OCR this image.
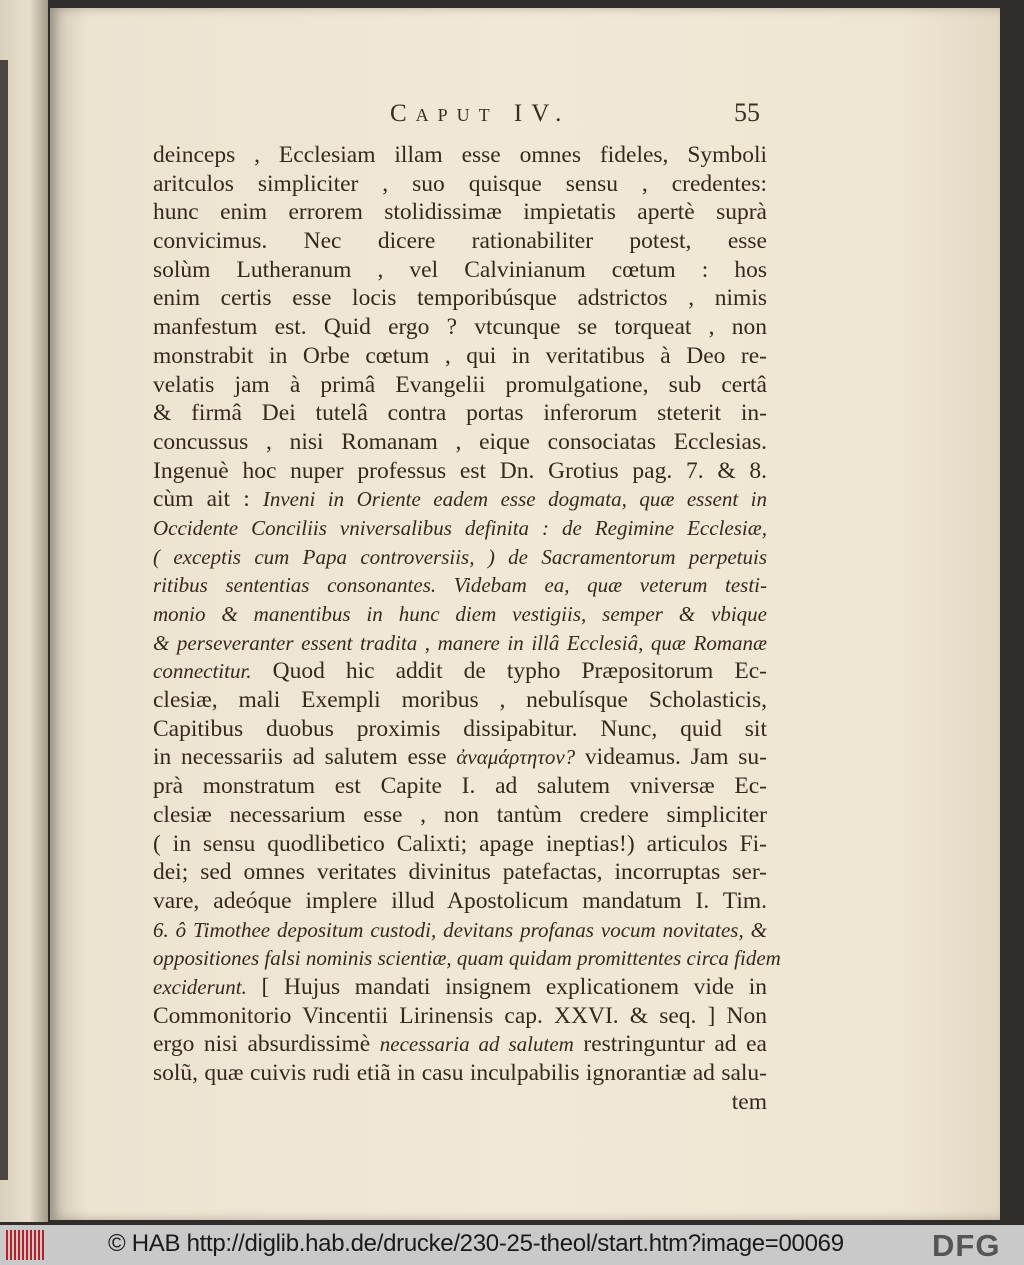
Caput IV.	55
deinceps , Ecclesiam illam esse omnes fideles, Symboli
aritculos simpliciter , suo quisque sensu , credentes:
hunc enim errorem stolidissimæ impietatis apertè suprà
convicimus. Nec dicere rationabiliter potest, esse
solùm Lutheranum , vel Calvinianum cœtum : hos
enim certis esse locis temporibúsque adstrictos , nimis
manfestum est. Quid ergo ? vtcunque se torqueat , non
monstrabit in Orbe cœtum , qui in veritatibus à Deo re-
velatis jam à primâ Evangelii promulgatione, sub certâ
& firmâ Dei tutelâ contra portas inferorum steterit in-
concussus , nisi Romanam , eique consociatas Ecclesias.
Ingenuè hoc nuper professus est Dn. Grotius pag. 7. & 8.
cùm ait : Inveni in Oriente eadem esse dogmata, quæ essent in
Occidente Conciliis vniversalibus definita : de Regimine Ecclesiæ,
( exceptis cum Papa controversiis, ) de Sacramentorum perpetuis
ritibus sententias consonantes. Videbam ea, quæ veterum testi-
monio & manentibus in hunc diem vestigiis, semper & vbique
& perseveranter essent tradita , manere in illâ Ecclesiâ, quæ Romanæ
connectitur. Quod hic addit de typho Præpositorum Ec-
clesiæ, mali Exempli moribus , nebulísque Scholasticis,
Capitibus duobus proximis dissipabitur. Nunc, quid sit
in necessariis ad salutem esse ἀναμάρτητον? videamus. Jam su-
prà monstratum est Capite I. ad salutem vniversæ Ec-
clesiæ necessarium esse , non tantùm credere simpliciter
( in sensu quodlibetico Calixti; apage ineptias!) articulos Fi-
dei; sed omnes veritates divinitus patefactas, incorruptas ser-
vare, adeóque implere illud Apostolicum mandatum I. Tim.
6. ô Timothee depositum custodi, devitans profanas vocum novitates, &
oppositiones falsi nominis scientiæ, quam quidam promittentes circa fidem
exciderunt. [ Hujus mandati insignem explicationem vide in
Commonitorio Vincentii Lirinensis cap. XXVI. & seq. ] Non
ergo nisi absurdissimè necessaria ad salutem restringuntur ad ea
solũ, quæ cuivis rudi etiã in casu inculpabilis ignorantiæ ad salu-
tem
© HAB http://diglib.hab.de/drucke/230-25-theol/start.htm?image=00069	DFG
